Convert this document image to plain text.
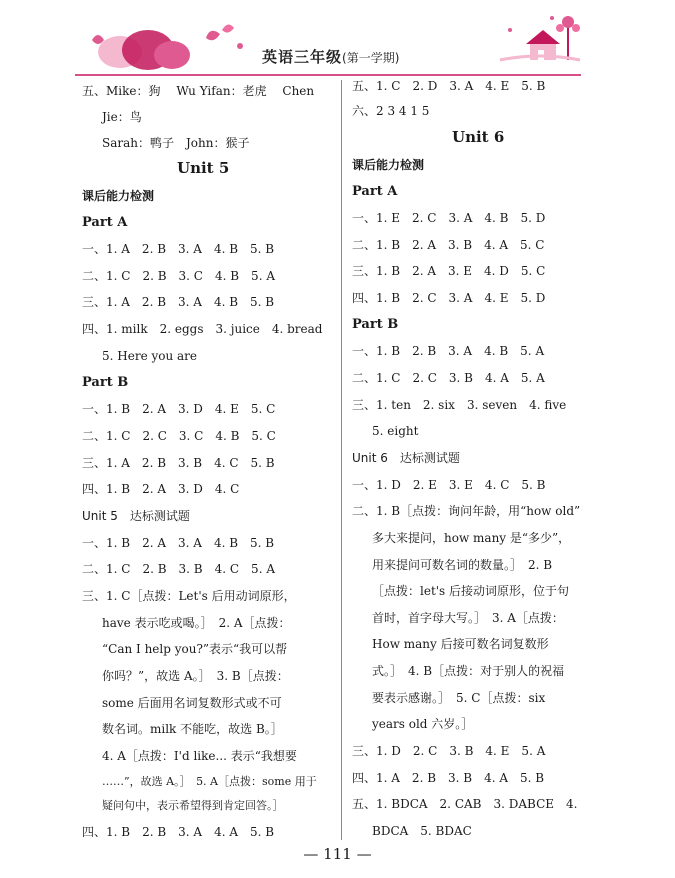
英语三年级(第一学期)
五、Mike：狗　 Wu Yifan：老虎　 Chen
Jie：鸟
Sarah：鸭子　John：猴子
Unit 5
课后能力检测
Part A
一、1. A　2. B　3. A　4. B　5. B
二、1. C　2. B　3. C　4. B　5. A
三、1. A　2. B　3. A　4. B　5. B
四、1. milk　2. eggs　3. juice　4. bread
5. Here you are
Part B
一、1. B　2. A　3. D　4. E　5. C
二、1. C　2. C　3. C　4. B　5. C
三、1. A　2. B　3. B　4. C　5. B
四、1. B　2. A　3. D　4. C
Unit 5　达标测试题
一、1. B　2. A　3. A　4. B　5. B
二、1. C　2. B　3. B　4. C　5. A
三、1. C［点拨：Let's 后用动词原形，
have 表示吃或喝。］　2. A［点拨：
“Can I help you?”表示“我可以帮
你吗？”，故选 A。］　3. B［点拨：
some 后面用名词复数形式或不可
数名词。milk 不能吃，故选 B。］
4. A［点拨：I'd like... 表示“我想要
……”，故选 A。］　5. A［点拨：some 用于
疑问句中，表示希望得到肯定回答。］
四、1. B　2. B　3. A　4. A　5. B
五、1. C　2. D　3. A　4. E　5. B
六、2 3 4 1 5
Unit 6
课后能力检测
Part A
一、1. E　2. C　3. A　4. B　5. D
二、1. B　2. A　3. B　4. A　5. C
三、1. B　2. A　3. E　4. D　5. C
四、1. B　2. C　3. A　4. E　5. D
Part B
一、1. B　2. B　3. A　4. B　5. A
二、1. C　2. C　3. B　4. A　5. A
三、1. ten　2. six　3. seven　4. five
5. eight
Unit 6　达标测试题
一、1. D　2. E　3. E　4. C　5. B
二、1. B［点拨：询问年龄，用“how old”
多大来提问，how many 是“多少”，
用来提问可数名词的数量。］　2. B
［点拨：let's 后接动词原形，位于句
首时，首字母大写。］　3. A［点拨：
How many 后接可数名词复数形
式。］　4. B［点拨：对于别人的祝福
要表示感谢。］　5. C［点拨：six
years old 六岁。］
三、1. D　2. C　3. B　4. E　5. A
四、1. A　2. B　3. B　4. A　5. B
五、1. BDCA　2. CAB　3. DABCE　4.
BDCA　5. BDAC
— 111 —
